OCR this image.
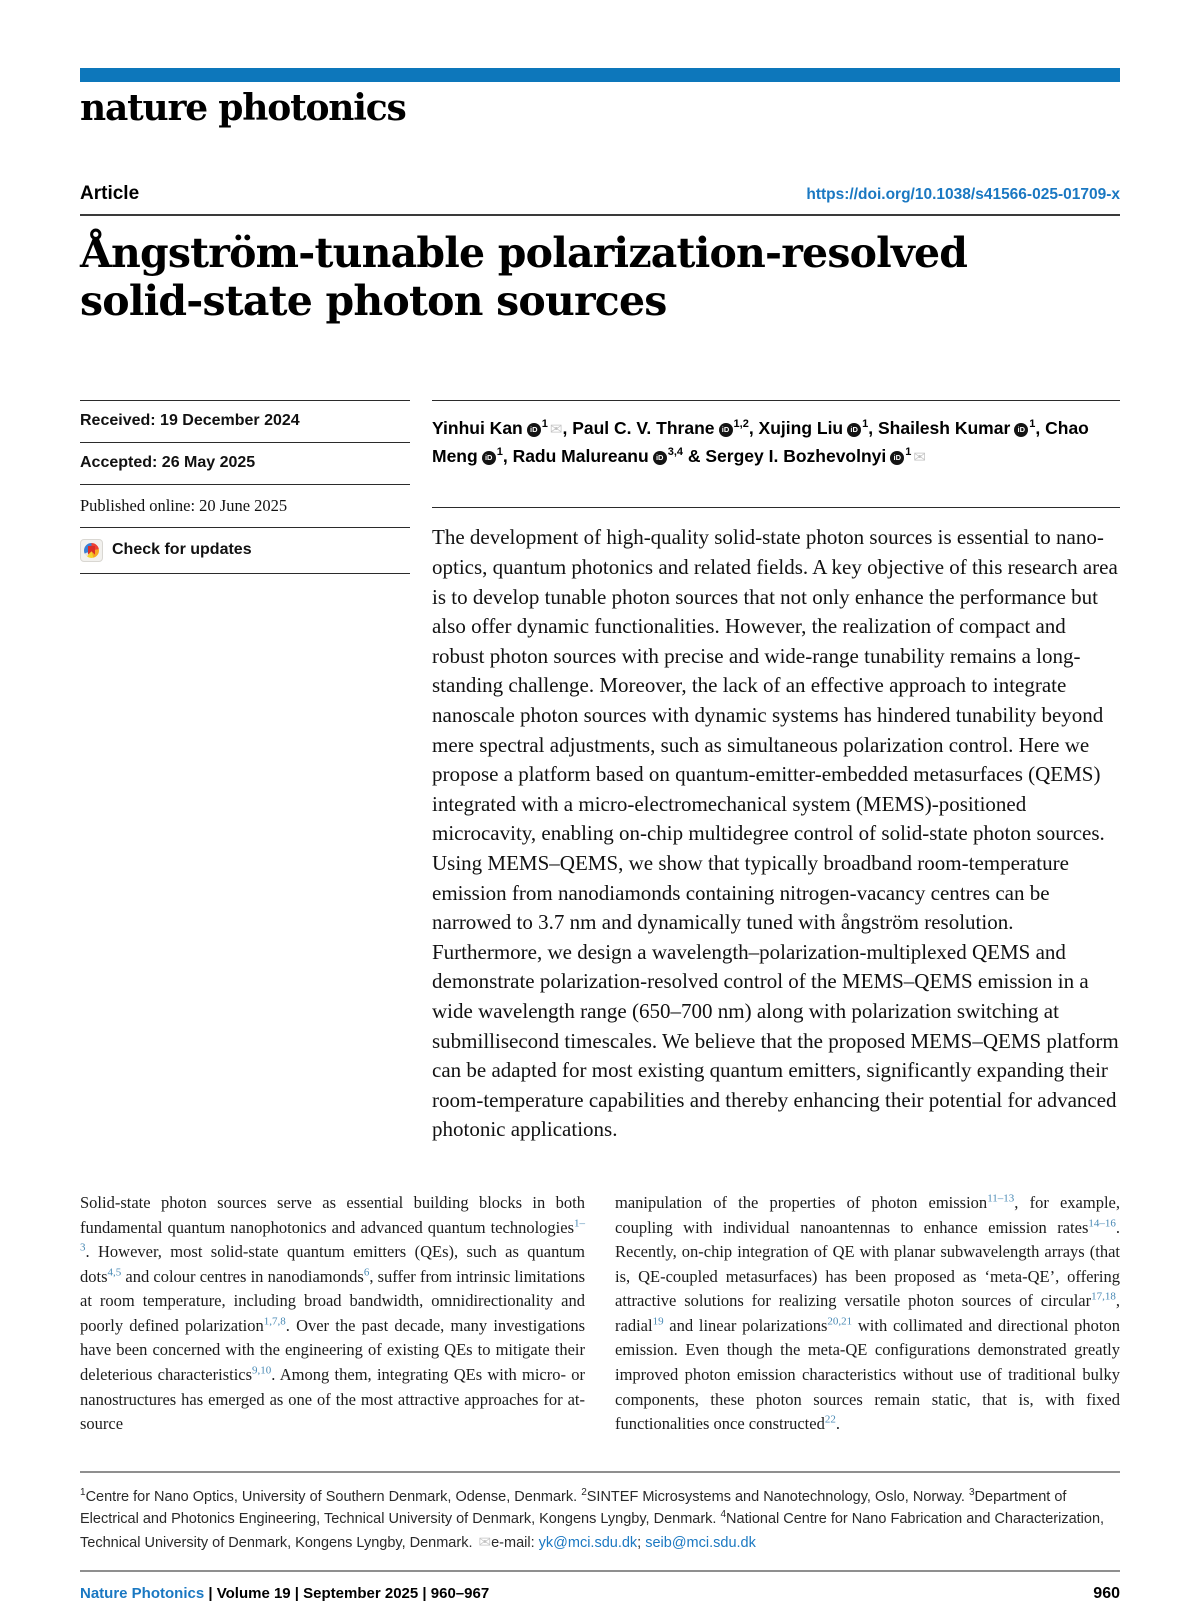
nature photonics
Article	https://doi.org/10.1038/s41566-025-01709-x
Ångström-tunable polarization-resolved solid-state photon sources
Received: 19 December 2024
Accepted: 26 May 2025
Published online: 20 June 2025
Check for updates
Yinhui Kan iD $^1$ ✉, Paul C. V. Thrane iD $^{1,2}$, Xujing Liu iD $^1$, Shailesh Kumar iD $^1$, Chao Meng iD $^1$, Radu Malureanu iD $^{3,4}$ & Sergey I. Bozhevolnyi iD $^1$ ✉
The development of high-quality solid-state photon sources is essential to nano-optics, quantum photonics and related fields. A key objective of this research area is to develop tunable photon sources that not only enhance the performance but also offer dynamic functionalities. However, the realization of compact and robust photon sources with precise and wide-range tunability remains a long-standing challenge. Moreover, the lack of an effective approach to integrate nanoscale photon sources with dynamic systems has hindered tunability beyond mere spectral adjustments, such as simultaneous polarization control. Here we propose a platform based on quantum-emitter-embedded metasurfaces (QEMS) integrated with a micro-electromechanical system (MEMS)-positioned microcavity, enabling on-chip multidegree control of solid-state photon sources. Using MEMS–QEMS, we show that typically broadband room-temperature emission from nanodiamonds containing nitrogen-vacancy centres can be narrowed to 3.7 nm and dynamically tuned with ångström resolution. Furthermore, we design a wavelength–polarization-multiplexed QEMS and demonstrate polarization-resolved control of the MEMS–QEMS emission in a wide wavelength range (650–700 nm) along with polarization switching at submillisecond timescales. We believe that the proposed MEMS–QEMS platform can be adapted for most existing quantum emitters, significantly expanding their room-temperature capabilities and thereby enhancing their potential for advanced photonic applications.
Solid-state photon sources serve as essential building blocks in both fundamental quantum nanophotonics and advanced quantum technologies$^{1-3}$. However, most solid-state quantum emitters (QEs), such as quantum dots$^{4,5}$ and colour centres in nanodiamonds$^6$, suffer from intrinsic limitations at room temperature, including broad bandwidth, omnidirectionality and poorly defined polarization$^{1,7,8}$. Over the past decade, many investigations have been concerned with the engineering of existing QEs to mitigate their deleterious characteristics$^{9,10}$. Among them, integrating QEs with micro- or nanostructures has emerged as one of the most attractive approaches for at-source
manipulation of the properties of photon emission$^{11-13}$, for example, coupling with individual nanoantennas to enhance emission rates$^{14-16}$. Recently, on-chip integration of QE with planar subwavelength arrays (that is, QE-coupled metasurfaces) has been proposed as ‘meta-QE’, offering attractive solutions for realizing versatile photon sources of circular$^{17,18}$, radial$^{19}$ and linear polarizations$^{20,21}$ with collimated and directional photon emission. Even though the meta-QE configurations demonstrated greatly improved photon emission characteristics without use of traditional bulky components, these photon sources remain static, that is, with fixed functionalities once constructed$^{22}$.
$^1$Centre for Nano Optics, University of Southern Denmark, Odense, Denmark. $^2$SINTEF Microsystems and Nanotechnology, Oslo, Norway. $^3$Department of Electrical and Photonics Engineering, Technical University of Denmark, Kongens Lyngby, Denmark. $^4$National Centre for Nano Fabrication and Characterization, Technical University of Denmark, Kongens Lyngby, Denmark. ✉e-mail: yk@mci.sdu.dk; seib@mci.sdu.dk
Nature Photonics | Volume 19 | September 2025 | 960–967	960
